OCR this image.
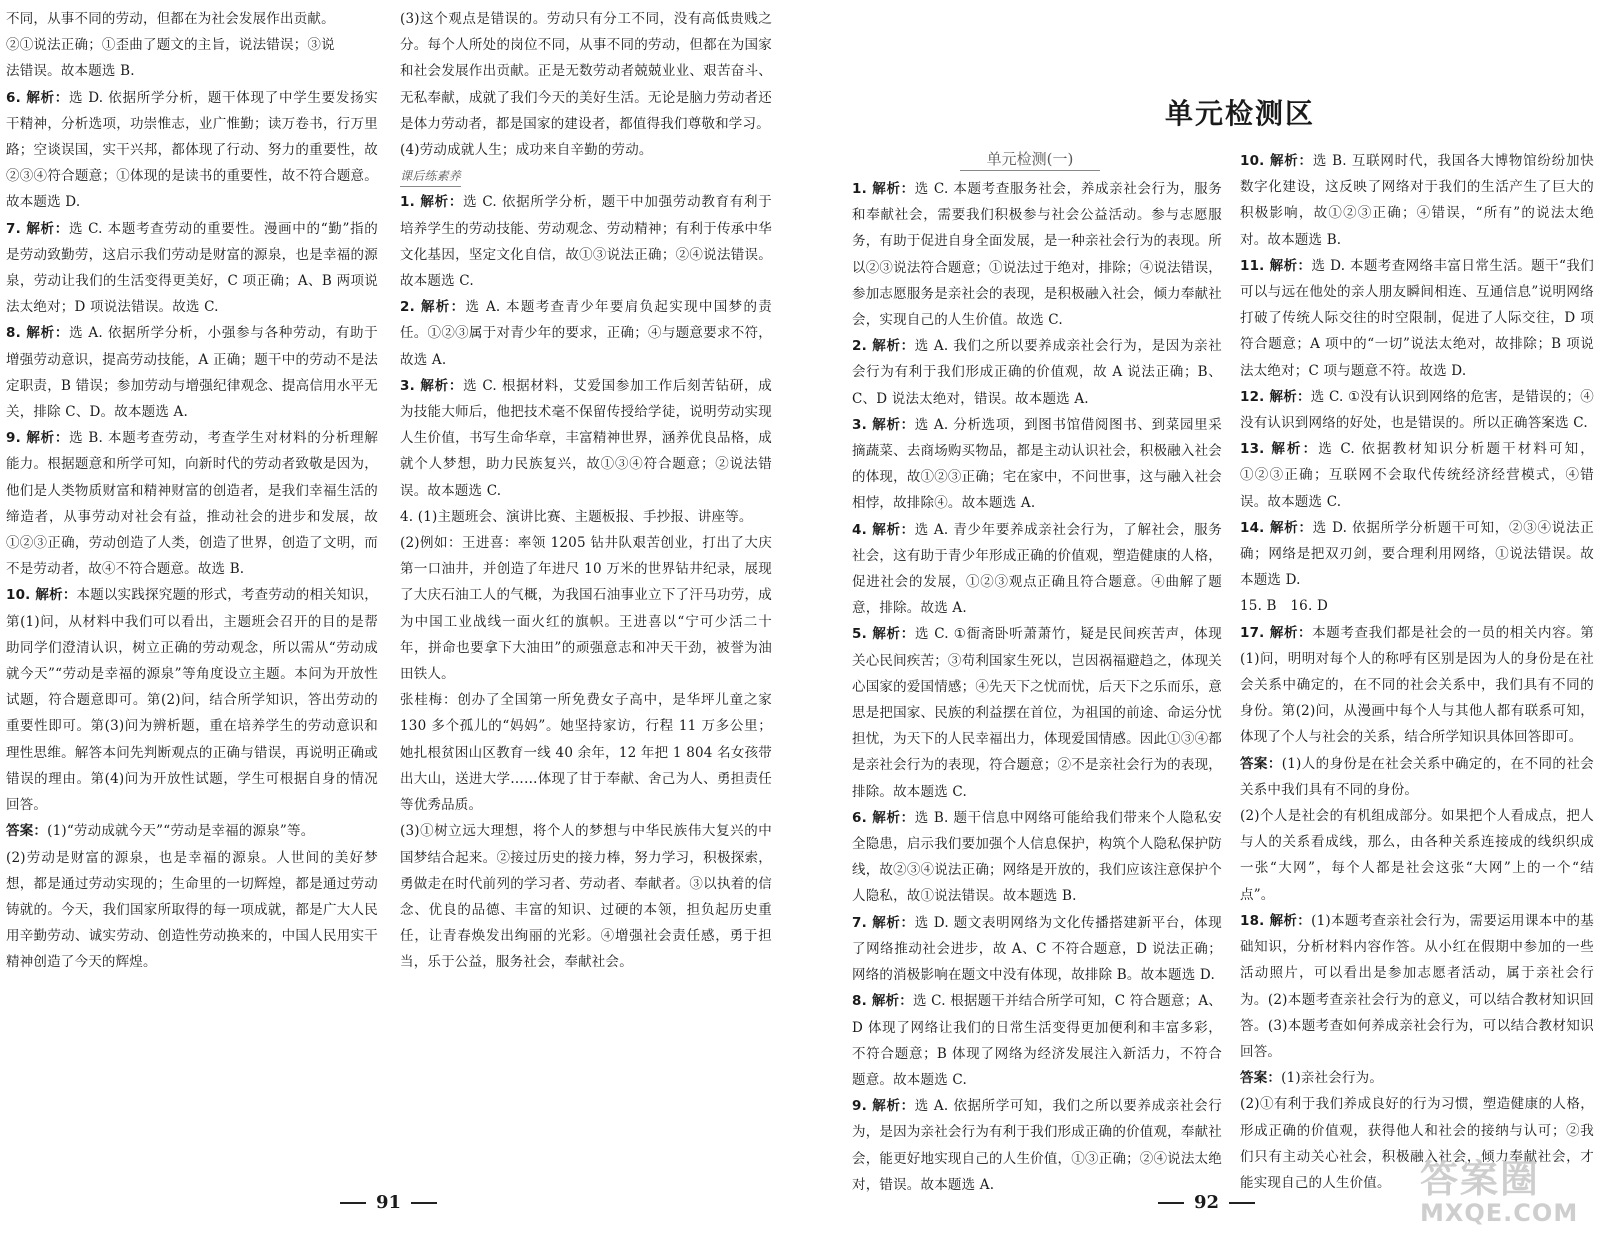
不同，从事不同的劳动，但都在为社会发展作出贡献。

②①说法正确；①歪曲了题文的主旨，说法错误；③说

法错误。故本题选 B.

6. 解析：选 D. 依据所学分析，题干体现了中学生要发扬实干精神，分析选项，功崇惟志，业广惟勤；读万卷书，行万里路；空谈误国，实干兴邦，都体现了行动、努力的重要性，故②③④符合题意；①体现的是读书的重要性，故不符合题意。故本题选 D.

7. 解析：选 C. 本题考查劳动的重要性。漫画中的“勤”指的是劳动致勤劳，这启示我们劳动是财富的源泉，也是幸福的源泉，劳动让我们的生活变得更美好，C 项正确；A、B 两项说法太绝对；D 项说法错误。故选 C.

8. 解析：选 A. 依据所学分析，小强参与各种劳动，有助于增强劳动意识，提高劳动技能，A 正确；题干中的劳动不是法定职责，B 错误；参加劳动与增强纪律观念、提高信用水平无关，排除 C、D。故本题选 A.

9. 解析：选 B. 本题考查劳动，考查学生对材料的分析理解能力。根据题意和所学可知，向新时代的劳动者致敬是因为，他们是人类物质财富和精神财富的创造者，是我们幸福生活的缔造者，从事劳动对社会有益，推动社会的进步和发展，故①②③正确，劳动创造了人类，创造了世界，创造了文明，而不是劳动者，故④不符合题意。故选 B.

10. 解析：本题以实践探究题的形式，考查劳动的相关知识，第(1)问，从材料中我们可以看出，主题班会召开的目的是帮助同学们澄清认识，树立正确的劳动观念，所以需从“劳动成就今天”“劳动是幸福的源泉”等角度设立主题。本问为开放性试题，符合题意即可。第(2)问，结合所学知识，答出劳动的重要性即可。第(3)问为辨析题，重在培养学生的劳动意识和理性思维。解答本问先判断观点的正确与错误，再说明正确或错误的理由。第(4)问为开放性试题，学生可根据自身的情况回答。

答案：(1)“劳动成就今天”“劳动是幸福的源泉”等。

(2)劳动是财富的源泉，也是幸福的源泉。人世间的美好梦想，都是通过劳动实现的；生命里的一切辉煌，都是通过劳动铸就的。今天，我们国家所取得的每一项成就，都是广大人民用辛勤劳动、诚实劳动、创造性劳动换来的，中国人民用实干精神创造了今天的辉煌。

(3)这个观点是错误的。劳动只有分工不同，没有高低贵贱之分。每个人所处的岗位不同，从事不同的劳动，但都在为国家和社会发展作出贡献。正是无数劳动者兢兢业业、艰苦奋斗、无私奉献，成就了我们今天的美好生活。无论是脑力劳动者还是体力劳动者，都是国家的建设者，都值得我们尊敬和学习。

(4)劳动成就人生；成功来自辛勤的劳动。

课后练素养

1. 解析：选 C. 依据所学分析，题干中加强劳动教育有利于培养学生的劳动技能、劳动观念、劳动精神；有利于传承中华文化基因，坚定文化自信，故①③说法正确；②④说法错误。故本题选 C.

2. 解析：选 A. 本题考查青少年要肩负起实现中国梦的责任。①②③属于对青少年的要求，正确；④与题意要求不符，故选 A.

3. 解析：选 C. 根据材料，艾爱国参加工作后刻苦钻研，成为技能大师后，他把技术毫不保留传授给学徒，说明劳动实现人生价值，书写生命华章，丰富精神世界，涵养优良品格，成就个人梦想，助力民族复兴，故①③④符合题意；②说法错误。故本题选 C.

4. (1)主题班会、演讲比赛、主题板报、手抄报、讲座等。

(2)例如：王进喜：率领 1205 钻井队艰苦创业，打出了大庆第一口油井，并创造了年进尺 10 万米的世界钻井纪录，展现了大庆石油工人的气概，为我国石油事业立下了汗马功劳，成为中国工业战线一面火红的旗帜。王进喜以“宁可少活二十年，拼命也要拿下大油田”的顽强意志和冲天干劲，被誉为油田铁人。

张桂梅：创办了全国第一所免费女子高中，是华坪儿童之家 130 多个孤儿的“妈妈”。她坚持家访，行程 11 万多公里；她扎根贫困山区教育一线 40 余年，12 年把 1 804 名女孩带出大山，送进大学……体现了甘于奉献、舍己为人、勇担责任等优秀品质。

(3)①树立远大理想，将个人的梦想与中华民族伟大复兴的中国梦结合起来。②接过历史的接力棒，努力学习，积极探索，勇做走在时代前列的学习者、劳动者、奉献者。③以执着的信念、优良的品德、丰富的知识、过硬的本领，担负起历史重任，让青春焕发出绚丽的光彩。④增强社会责任感，勇于担当，乐于公益，服务社会，奉献社会。

单元检测区
单元检测(一)

1. 解析：选 C. 本题考查服务社会，养成亲社会行为，服务和奉献社会，需要我们积极参与社会公益活动。参与志愿服务，有助于促进自身全面发展，是一种亲社会行为的表现。所以②③说法符合题意；①说法过于绝对，排除；④说法错误，参加志愿服务是亲社会的表现，是积极融入社会，倾力奉献社会，实现自己的人生价值。故选 C.

2. 解析：选 A. 我们之所以要养成亲社会行为，是因为亲社会行为有利于我们形成正确的价值观，故 A 说法正确；B、C、D 说法太绝对，错误。故本题选 A.

3. 解析：选 A. 分析选项，到图书馆借阅图书、到菜园里采摘蔬菜、去商场购买物品，都是主动认识社会，积极融入社会的体现，故①②③正确；宅在家中，不问世事，这与融入社会相悖，故排除④。故本题选 A.

4. 解析：选 A. 青少年要养成亲社会行为，了解社会，服务社会，这有助于青少年形成正确的价值观，塑造健康的人格，促进社会的发展，①②③观点正确且符合题意。④曲解了题意，排除。故选 A.

5. 解析：选 C. ①衙斋卧听萧萧竹，疑是民间疾苦声，体现关心民间疾苦；③苟利国家生死以，岂因祸福避趋之，体现关心国家的爱国情感；④先天下之忧而忧，后天下之乐而乐，意思是把国家、民族的利益摆在首位，为祖国的前途、命运分忧担忧，为天下的人民幸福出力，体现爱国情感。因此①③④都是亲社会行为的表现，符合题意；②不是亲社会行为的表现，排除。故本题选 C.

6. 解析：选 B. 题干信息中网络可能给我们带来个人隐私安全隐患，启示我们要加强个人信息保护，构筑个人隐私保护防线，故②③④说法正确；网络是开放的，我们应该注意保护个人隐私，故①说法错误。故本题选 B.

7. 解析：选 D. 题文表明网络为文化传播搭建新平台，体现了网络推动社会进步，故 A、C 不符合题意，D 说法正确；网络的消极影响在题文中没有体现，故排除 B。故本题选 D.

8. 解析：选 C. 根据题干并结合所学可知，C 符合题意；A、D 体现了网络让我们的日常生活变得更加便利和丰富多彩，不符合题意；B 体现了网络为经济发展注入新活力，不符合题意。故本题选 C.

9. 解析：选 A. 依据所学可知，我们之所以要养成亲社会行为，是因为亲社会行为有利于我们形成正确的价值观，奉献社会，能更好地实现自己的人生价值，①③正确；②④说法太绝对，错误。故本题选 A.

10. 解析：选 B. 互联网时代，我国各大博物馆纷纷加快数字化建设，这反映了网络对于我们的生活产生了巨大的积极影响，故①②③正确；④错误，“所有”的说法太绝对。故本题选 B.

11. 解析：选 D. 本题考查网络丰富日常生活。题干“我们可以与远在他处的亲人朋友瞬间相连、互通信息”说明网络打破了传统人际交往的时空限制，促进了人际交往，D 项符合题意；A 项中的“一切”说法太绝对，故排除；B 项说法太绝对；C 项与题意不符。故选 D.

12. 解析：选 C. ①没有认识到网络的危害，是错误的；④没有认识到网络的好处，也是错误的。所以正确答案选 C.

13. 解析：选 C. 依据教材知识分析题干材料可知，①②③正确；互联网不会取代传统经济经营模式，④错误。故本题选 C.

14. 解析：选 D. 依据所学分析题干可知，②③④说法正确；网络是把双刃剑，要合理利用网络，①说法错误。故本题选 D.

15. B　16. D

17. 解析：本题考查我们都是社会的一员的相关内容。第(1)问，明明对每个人的称呼有区别是因为人的身份是在社会关系中确定的，在不同的社会关系中，我们具有不同的身份。第(2)问，从漫画中每个人与其他人都有联系可知，体现了个人与社会的关系，结合所学知识具体回答即可。

答案：(1)人的身份是在社会关系中确定的，在不同的社会关系中我们具有不同的身份。

(2)个人是社会的有机组成部分。如果把个人看成点，把人与人的关系看成线，那么，由各种关系连接成的线织织成一张“大网”，每个人都是社会这张“大网”上的一个“结点”。

18. 解析：(1)本题考查亲社会行为，需要运用课本中的基础知识，分析材料内容作答。从小红在假期中参加的一些活动照片，可以看出是参加志愿者活动，属于亲社会行为。(2)本题考查亲社会行为的意义，可以结合教材知识回答。(3)本题考查如何养成亲社会行为，可以结合教材知识回答。

答案：(1)亲社会行为。

(2)①有利于我们养成良好的行为习惯，塑造健康的人格，形成正确的价值观，获得他人和社会的接纳与认可；②我们只有主动关心社会，积极融入社会，倾力奉献社会，才能实现自己的人生价值。

91	92
答案圈
MXQE.COM
